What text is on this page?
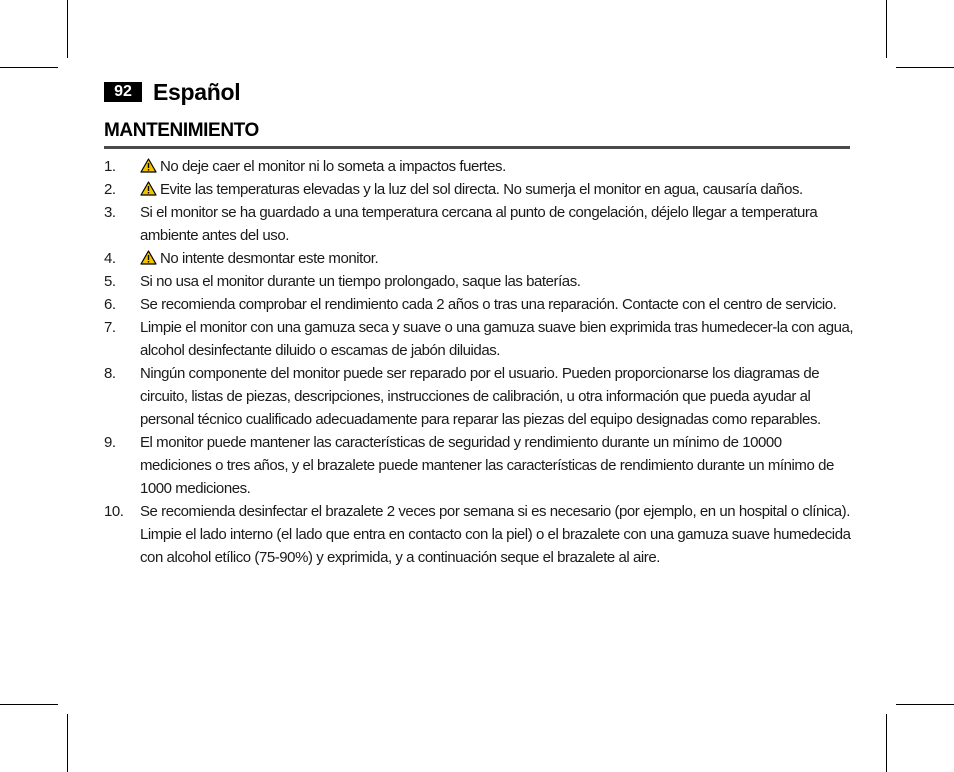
92 Español
MANTENIMIENTO
1.	No deje caer el monitor ni lo someta a impactos fuertes.
2.	Evite las temperaturas elevadas y la luz del sol directa. No sumerja el monitor en agua, causaría daños.
3.	Si el monitor se ha guardado a una temperatura cercana al punto de congelación, déjelo llegar a temperatura ambiente antes del uso.
4.	No intente desmontar este monitor.
5.	Si no usa el monitor durante un tiempo prolongado, saque las baterías.
6.	Se recomienda comprobar el rendimiento cada 2 años o tras una reparación. Contacte con el centro de servicio.
7.	Limpie el monitor con una gamuza seca y suave o una gamuza suave bien exprimida tras humedecer-la con agua, alcohol desinfectante diluido o escamas de jabón diluidas.
8.	Ningún componente del monitor puede ser reparado por el usuario. Pueden proporcionarse los diagramas de circuito, listas de piezas, descripciones, instrucciones de calibración, u otra información que pueda ayudar al personal técnico cualificado adecuadamente para reparar las piezas del equipo designadas como reparables.
9.	El monitor puede mantener las características de seguridad y rendimiento durante un mínimo de 10000 mediciones o tres años, y el brazalete puede mantener las características de rendimiento durante un mínimo de 1000 mediciones.
10.	Se recomienda desinfectar el brazalete 2 veces por semana si es necesario (por ejemplo, en un hospital o clínica). Limpie el lado interno (el lado que entra en contacto con la piel) o el brazalete con una gamuza suave humedecida con alcohol etílico (75-90%) y exprimida, y a continuación seque el brazalete al aire.
